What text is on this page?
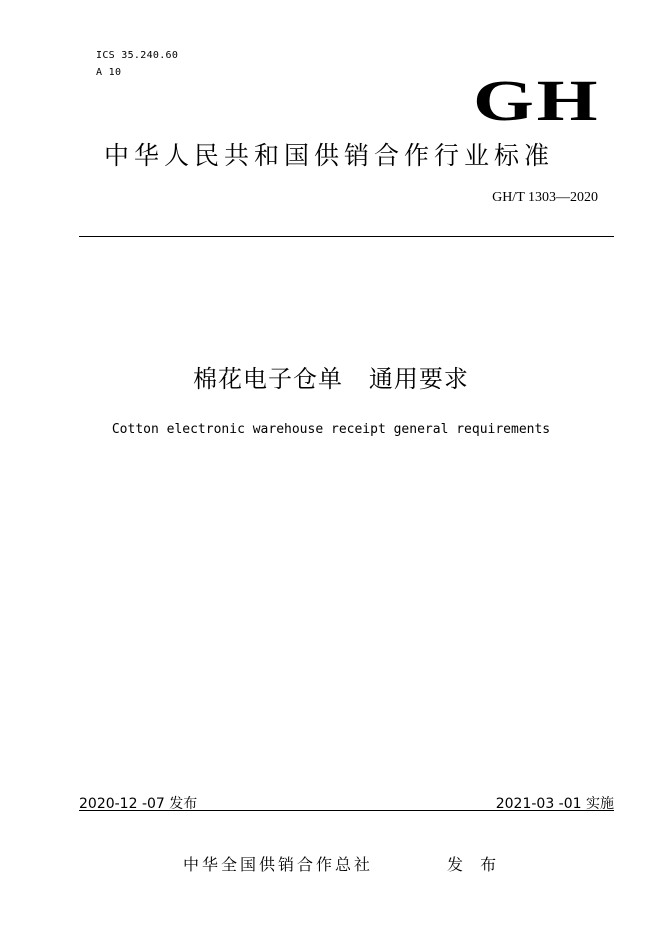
ICS 35.240.60
A 10	GH
中华人民共和国供销合作行业标准
GH/T 1303—2020
棉花电子仓单   通用要求
Cotton electronic warehouse receipt general requirements
2020-12 -07 发布	2021-03 -01 实施
中华全国供销合作总社	发 布
